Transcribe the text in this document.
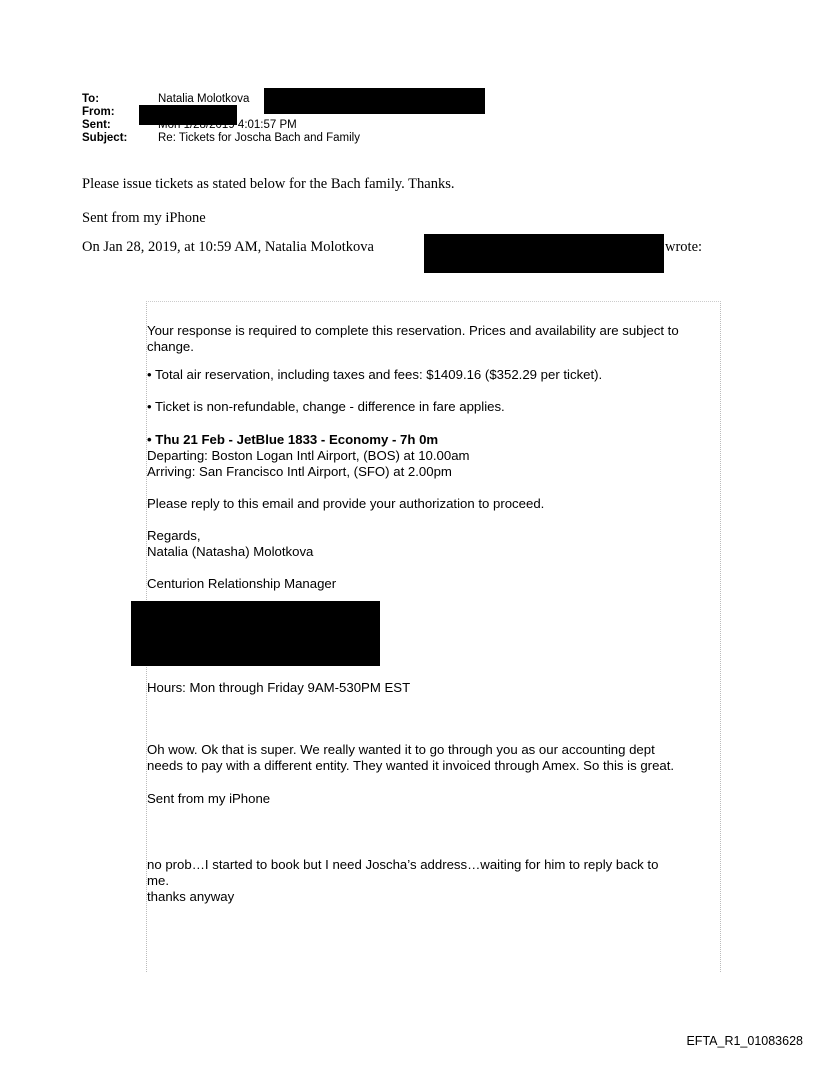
To:	Natalia Molotkova
From:
Sent:	Mon 1/28/2019 4:01:57 PM
Subject:	Re: Tickets for Joscha Bach and Family
Please issue tickets as stated below for the Bach family. Thanks.
Sent from my iPhone
On Jan 28, 2019, at 10:59 AM, Natalia Molotkova	wrote:
Your response is required to complete this reservation. Prices and availability are subject to
change.
• Total air reservation, including taxes and fees: $1409.16 ($352.29 per ticket).
• Ticket is non-refundable, change - difference in fare applies.
• Thu 21 Feb - JetBlue 1833 - Economy - 7h 0m
Departing: Boston Logan Intl Airport, (BOS) at 10.00am
Arriving: San Francisco Intl Airport, (SFO) at 2.00pm
Please reply to this email and provide your authorization to proceed.
Regards,
Natalia (Natasha) Molotkova
Centurion Relationship Manager
Hours: Mon through Friday 9AM-530PM EST
Oh wow. Ok that is super. We really wanted it to go through you as our accounting dept
needs to pay with a different entity. They wanted it invoiced through Amex. So this is great.
Sent from my iPhone
no prob…I started to book but I need Joscha’s address…waiting for him to reply back to
me.
thanks anyway
EFTA_R1_01083628
